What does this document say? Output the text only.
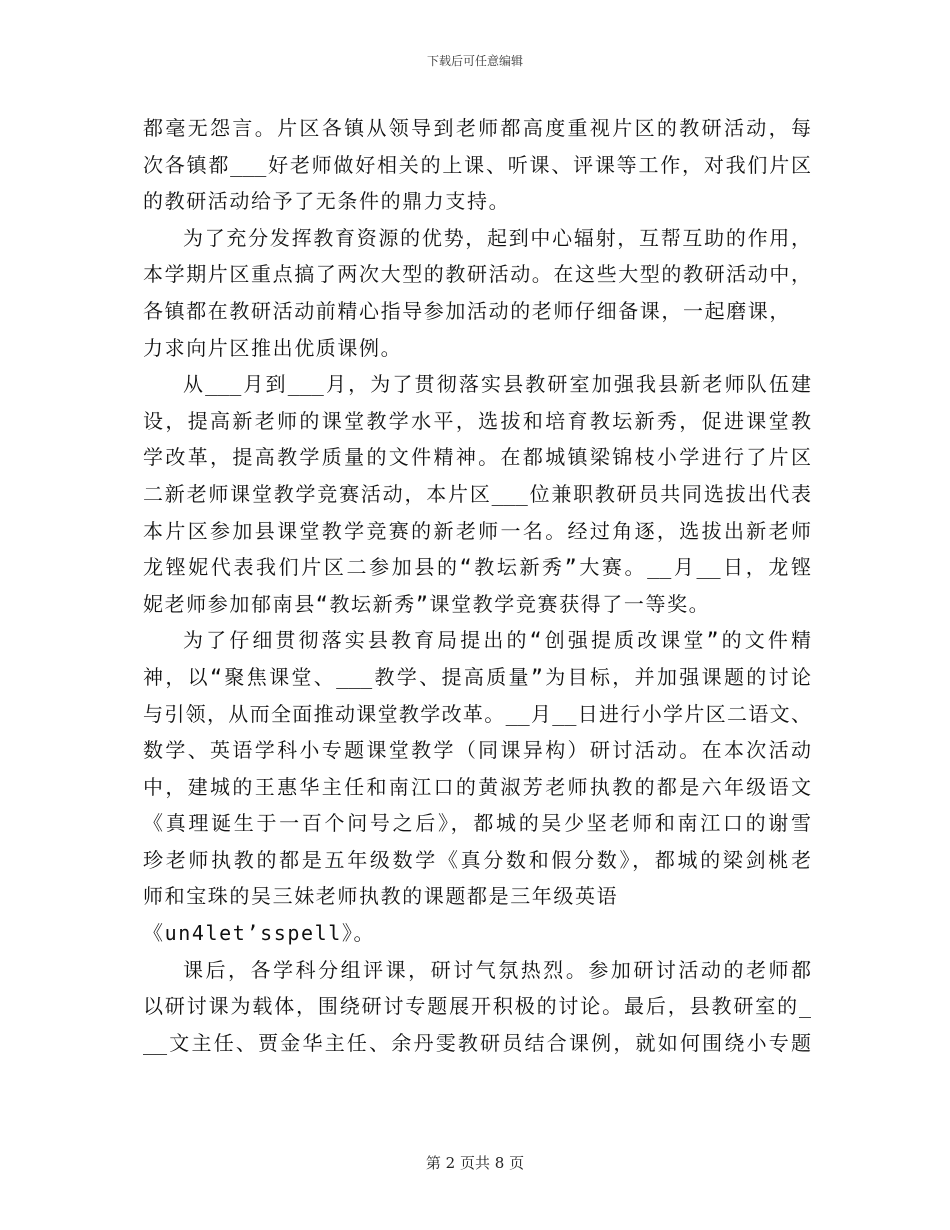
下载后可任意编辑
都毫无怨言。片区各镇从领导到老师都高度重视片区的教研活动，每
次各镇都___好老师做好相关的上课、听课、评课等工作，对我们片区
的教研活动给予了无条件的鼎力支持。
为了充分发挥教育资源的优势，起到中心辐射，互帮互助的作用，
本学期片区重点搞了两次大型的教研活动。在这些大型的教研活动中，
各镇都在教研活动前精心指导参加活动的老师仔细备课，一起磨课，
力求向片区推出优质课例。
从___月到___月，为了贯彻落实县教研室加强我县新老师队伍建
设，提高新老师的课堂教学水平，选拔和培育教坛新秀，促进课堂教
学改革，提高教学质量的文件精神。在都城镇梁锦枝小学进行了片区
二新老师课堂教学竞赛活动，本片区___位兼职教研员共同选拔出代表
本片区参加县课堂教学竞赛的新老师一名。经过角逐，选拔出新老师
龙铿妮代表我们片区二参加县的“教坛新秀”大赛。__月__日，龙铿
妮老师参加郁南县“教坛新秀”课堂教学竞赛获得了一等奖。
为了仔细贯彻落实县教育局提出的“创强提质改课堂”的文件精
神，以“聚焦课堂、___教学、提高质量”为目标，并加强课题的讨论
与引领，从而全面推动课堂教学改革。__月__日进行小学片区二语文、
数学、英语学科小专题课堂教学（同课异构）研讨活动。在本次活动
中，建城的王惠华主任和南江口的黄淑芳老师执教的都是六年级语文
《真理诞生于一百个问号之后》，都城的吴少坚老师和南江口的谢雪
珍老师执教的都是五年级数学《真分数和假分数》，都城的梁剑桃老
师和宝珠的吴三妹老师执教的课题都是三年级英语
《un4let’sspell》。
课后，各学科分组评课，研讨气氛热烈。参加研讨活动的老师都
以研讨课为载体，围绕研讨专题展开积极的讨论。最后，县教研室的_
__文主任、贾金华主任、余丹雯教研员结合课例，就如何围绕小专题
第 2 页共 8 页
